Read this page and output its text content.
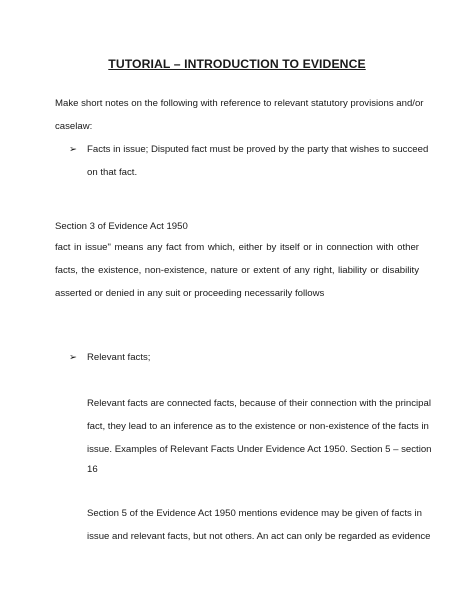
TUTORIAL – INTRODUCTION TO EVIDENCE
Make short notes on the following with reference to relevant statutory provisions and/or
caselaw:
➢ Facts in issue; Disputed fact must be proved by the party that wishes to succeed
on that fact.
Section 3 of Evidence Act 1950
fact in issue" means any fact from which, either by itself or in connection with other
facts, the existence, non-existence, nature or extent of any right, liability or disability
asserted or denied in any suit or proceeding necessarily follows
➢ Relevant facts;
Relevant facts are connected facts, because of their connection with the principal
fact, they lead to an inference as to the existence or non-existence of the facts in
issue. Examples of Relevant Facts Under Evidence Act 1950. Section 5 – section
16
Section 5 of the Evidence Act 1950 mentions evidence may be given of facts in
issue and relevant facts, but not others. An act can only be regarded as evidence
